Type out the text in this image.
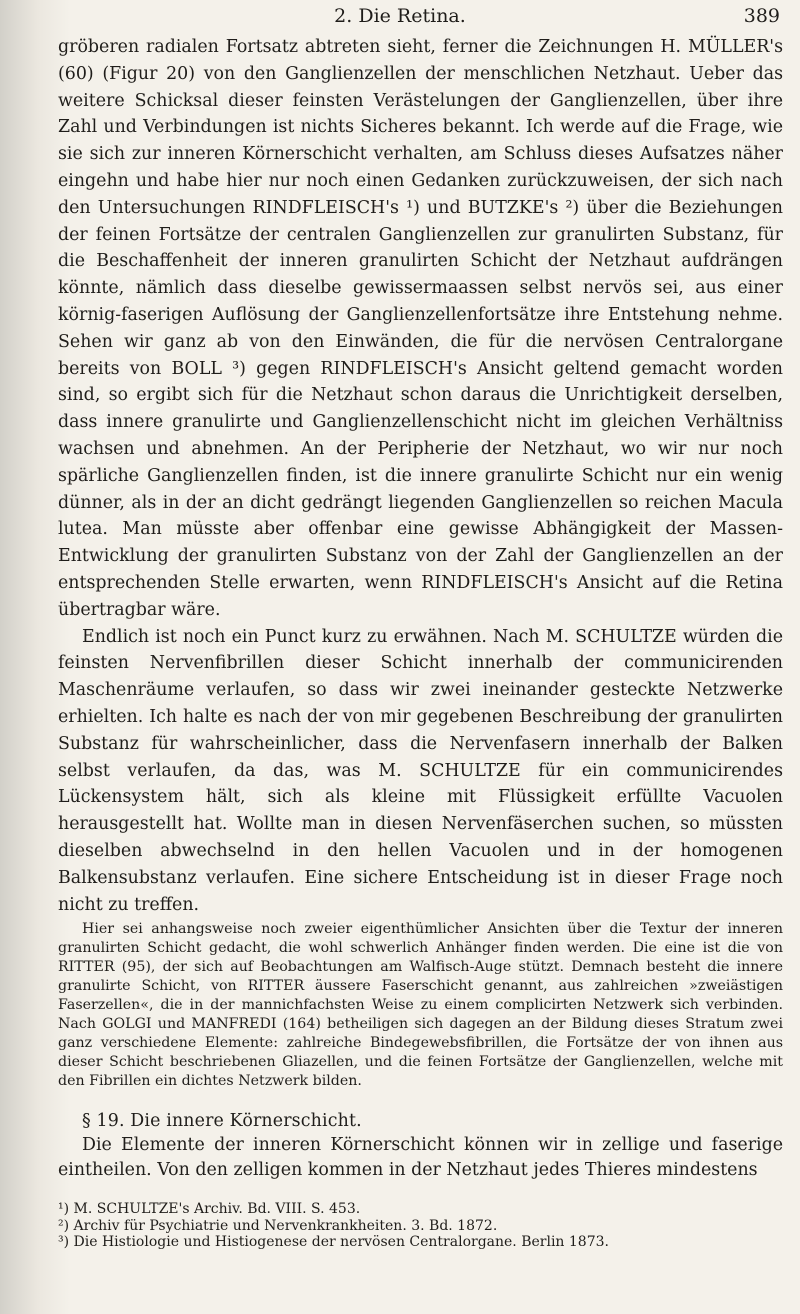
2. Die Retina.	389

gröberen radialen Fortsatz abtreten sieht, ferner die Zeichnungen H. MÜLLER's (60) (Figur 20) von den Ganglienzellen der menschlichen Netzhaut. Ueber das weitere Schicksal dieser feinsten Verästelungen der Ganglienzellen, über ihre Zahl und Verbindungen ist nichts Sicheres bekannt. Ich werde auf die Frage, wie sie sich zur inneren Körnerschicht verhalten, am Schluss dieses Aufsatzes näher eingehn und habe hier nur noch einen Gedanken zurückzuweisen, der sich nach den Untersuchungen RINDFLEISCH's ¹) und BUTZKE's ²) über die Beziehungen der feinen Fortsätze der centralen Ganglienzellen zur granulirten Substanz, für die Beschaffenheit der inneren granulirten Schicht der Netzhaut aufdrängen könnte, nämlich dass dieselbe gewissermaassen selbst nervös sei, aus einer körnig-faserigen Auflösung der Ganglienzellenfortsätze ihre Entstehung nehme. Sehen wir ganz ab von den Einwänden, die für die nervösen Centralorgane bereits von BOLL ³) gegen RINDFLEISCH's Ansicht geltend gemacht worden sind, so ergibt sich für die Netzhaut schon daraus die Unrichtigkeit derselben, dass innere granulirte und Ganglienzellenschicht nicht im gleichen Verhältniss wachsen und abnehmen. An der Peripherie der Netzhaut, wo wir nur noch spärliche Ganglienzellen finden, ist die innere granulirte Schicht nur ein wenig dünner, als in der an dicht gedrängt liegenden Ganglienzellen so reichen Macula lutea. Man müsste aber offenbar eine gewisse Abhängigkeit der Massen-Entwicklung der granulirten Substanz von der Zahl der Ganglienzellen an der entsprechenden Stelle erwarten, wenn RINDFLEISCH's Ansicht auf die Retina übertragbar wäre.

Endlich ist noch ein Punct kurz zu erwähnen. Nach M. SCHULTZE würden die feinsten Nervenfibrillen dieser Schicht innerhalb der communicirenden Maschenräume verlaufen, so dass wir zwei ineinander gesteckte Netzwerke erhielten. Ich halte es nach der von mir gegebenen Beschreibung der granulirten Substanz für wahrscheinlicher, dass die Nervenfasern innerhalb der Balken selbst verlaufen, da das, was M. SCHULTZE für ein communicirendes Lückensystem hält, sich als kleine mit Flüssigkeit erfüllte Vacuolen herausgestellt hat. Wollte man in diesen Nervenfäserchen suchen, so müssten dieselben abwechselnd in den hellen Vacuolen und in der homogenen Balkensubstanz verlaufen. Eine sichere Entscheidung ist in dieser Frage noch nicht zu treffen.

Hier sei anhangsweise noch zweier eigenthümlicher Ansichten über die Textur der inneren granulirten Schicht gedacht, die wohl schwerlich Anhänger finden werden. Die eine ist die von RITTER (95), der sich auf Beobachtungen am Walfisch-Auge stützt. Demnach besteht die innere granulirte Schicht, von RITTER äussere Faserschicht genannt, aus zahlreichen »zweiästigen Faserzellen«, die in der mannichfachsten Weise zu einem complicirten Netzwerk sich verbinden. Nach GOLGI und MANFREDI (164) betheiligen sich dagegen an der Bildung dieses Stratum zwei ganz verschiedene Elemente: zahlreiche Bindegewebsfibrillen, die Fortsätze der von ihnen aus dieser Schicht beschriebenen Gliazellen, und die feinen Fortsätze der Ganglienzellen, welche mit den Fibrillen ein dichtes Netzwerk bilden.

§ 19. Die innere Körnerschicht.

Die Elemente der inneren Körnerschicht können wir in zellige und faserige eintheilen. Von den zelligen kommen in der Netzhaut jedes Thieres mindestens

¹) M. SCHULTZE's Archiv. Bd. VIII. S. 453.

²) Archiv für Psychiatrie und Nervenkrankheiten. 3. Bd. 1872.

³) Die Histiologie und Histiogenese der nervösen Centralorgane. Berlin 1873.
